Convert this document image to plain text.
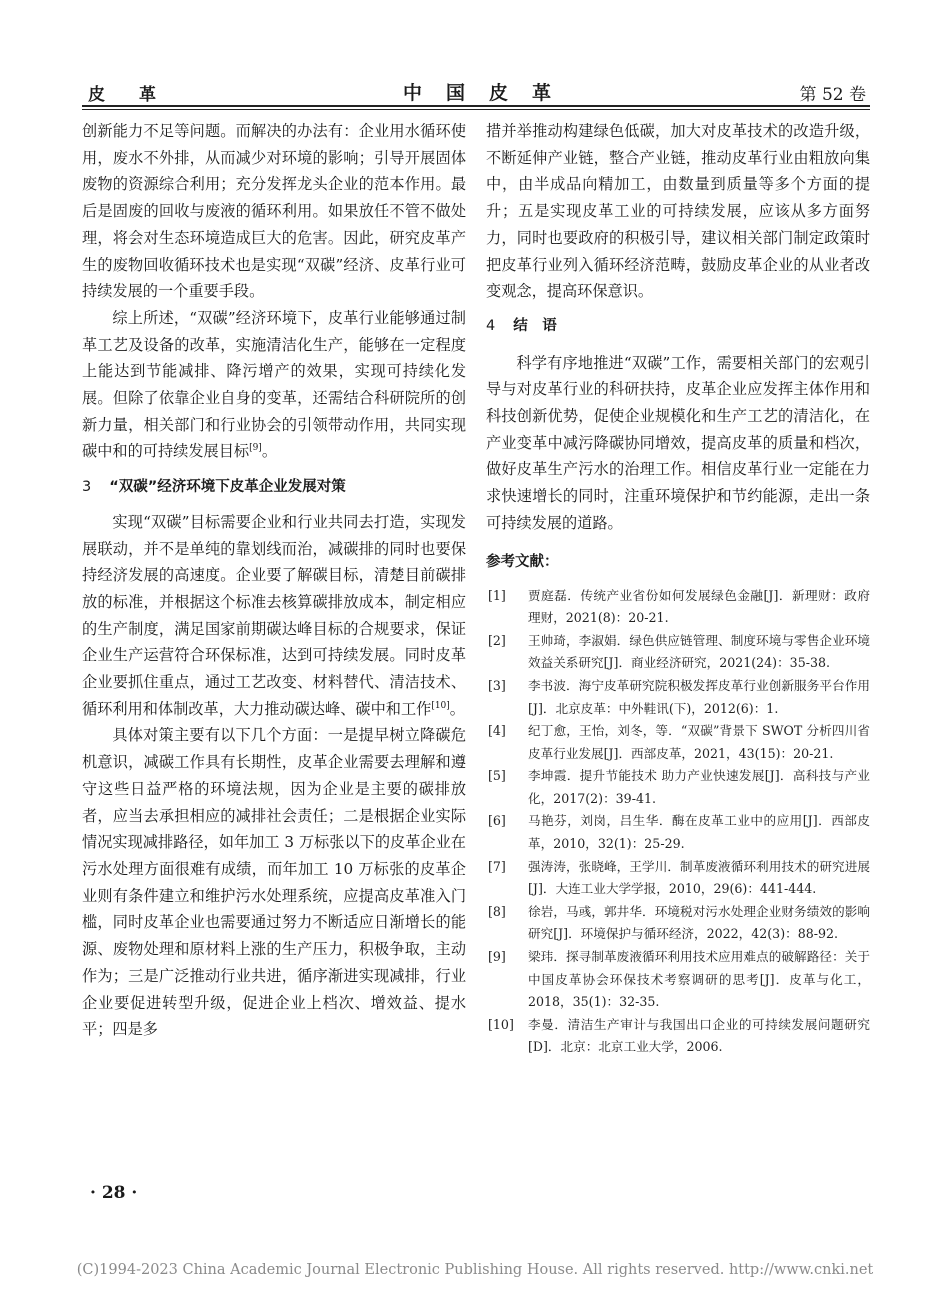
皮革	中国皮革	第 52 卷

创新能力不足等问题。而解决的办法有：企业用水循环使用，废水不外排，从而减少对环境的影响；引导开展固体废物的资源综合利用；充分发挥龙头企业的范本作用。最后是固废的回收与废液的循环利用。如果放任不管不做处理，将会对生态环境造成巨大的危害。因此，研究皮革产生的废物回收循环技术也是实现“双碳”经济、皮革行业可持续发展的一个重要手段。

综上所述，“双碳”经济环境下，皮革行业能够通过制革工艺及设备的改革，实施清洁化生产，能够在一定程度上能达到节能减排、降污增产的效果，实现可持续化发展。但除了依靠企业自身的变革，还需结合科研院所的创新力量，相关部门和行业协会的引领带动作用，共同实现碳中和的可持续发展目标[9]。

3 “双碳”经济环境下皮革企业发展对策

实现“双碳”目标需要企业和行业共同去打造，实现发展联动，并不是单纯的靠划线而治，减碳排的同时也要保持经济发展的高速度。企业要了解碳目标，清楚目前碳排放的标准，并根据这个标准去核算碳排放成本，制定相应的生产制度，满足国家前期碳达峰目标的合规要求，保证企业生产运营符合环保标准，达到可持续发展。同时皮革企业要抓住重点，通过工艺改变、材料替代、清洁技术、循环利用和体制改革，大力推动碳达峰、碳中和工作[10]。

具体对策主要有以下几个方面：一是提早树立降碳危机意识，减碳工作具有长期性，皮革企业需要去理解和遵守这些日益严格的环境法规，因为企业是主要的碳排放者，应当去承担相应的减排社会责任；二是根据企业实际情况实现减排路径，如年加工 3 万标张以下的皮革企业在污水处理方面很难有成绩，而年加工 10 万标张的皮革企业则有条件建立和维护污水处理系统，应提高皮革准入门槛，同时皮革企业也需要通过努力不断适应日渐增长的能源、废物处理和原材料上涨的生产压力，积极争取，主动作为；三是广泛推动行业共进，循序渐进实现减排，行业企业要促进转型升级，促进企业上档次、增效益、提水平；四是多

措并举推动构建绿色低碳，加大对皮革技术的改造升级，不断延伸产业链，整合产业链，推动皮革行业由粗放向集中，由半成品向精加工，由数量到质量等多个方面的提升；五是实现皮革工业的可持续发展，应该从多方面努力，同时也要政府的积极引导，建议相关部门制定政策时把皮革行业列入循环经济范畴，鼓励皮革企业的从业者改变观念，提高环保意识。

4 结　语

科学有序地推进“双碳”工作，需要相关部门的宏观引导与对皮革行业的科研扶持，皮革企业应发挥主体作用和科技创新优势，促使企业规模化和生产工艺的清洁化，在产业变革中减污降碳协同增效，提高皮革的质量和档次，做好皮革生产污水的治理工作。相信皮革行业一定能在力求快速增长的同时，注重环境保护和节约能源，走出一条可持续发展的道路。

参考文献：

[1]	贾庭磊．传统产业省份如何发展绿色金融[J]．新理财：政府理财，2021(8)：20-21.
[2]	王帅琦，李淑娟．绿色供应链管理、制度环境与零售企业环境效益关系研究[J]．商业经济研究，2021(24)：35-38.
[3]	李书波．海宁皮革研究院积极发挥皮革行业创新服务平台作用[J]．北京皮革：中外鞋讯(下)，2012(6)：1.
[4]	纪丁愈，王怡，刘冬，等．“双碳”背景下 SWOT 分析四川省皮革行业发展[J]．西部皮革，2021，43(15)：20-21.
[5]	李坤霞．提升节能技术 助力产业快速发展[J]．高科技与产业化，2017(2)：39-41.
[6]	马艳芬，刘岗，吕生华．酶在皮革工业中的应用[J]．西部皮革，2010，32(1)：25-29.
[7]	强涛涛，张晓峰，王学川．制革废液循环利用技术的研究进展[J]．大连工业大学学报，2010，29(6)：441-444.
[8]	徐岩，马彧，郭井华．环境税对污水处理企业财务绩效的影响研究[J]．环境保护与循环经济，2022，42(3)：88-92.
[9]	梁玮．探寻制革废液循环利用技术应用难点的破解路径：关于中国皮革协会环保技术考察调研的思考[J]．皮革与化工，2018，35(1)：32-35.
[10]	李曼．清洁生产审计与我国出口企业的可持续发展问题研究[D]．北京：北京工业大学，2006.
· 28 ·
(C)1994-2023 China Academic Journal Electronic Publishing House. All rights reserved. http://www.cnki.net
